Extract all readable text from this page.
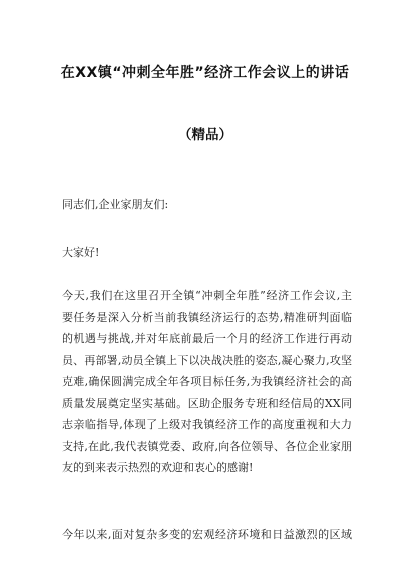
在XX镇“冲刺全年胜”经济工作会议上的讲话
（精品）
同志们,企业家朋友们:
大家好!
今天,我们在这里召开全镇“冲刺全年胜”经济工作会议,主
要任务是深入分析当前我镇经济运行的态势,精准研判面临
的机遇与挑战,并对年底前最后一个月的经济工作进行再动
员、再部署,动员全镇上下以决战决胜的姿态,凝心聚力,攻坚
克难,确保圆满完成全年各项目标任务,为我镇经济社会的高
质量发展奠定坚实基础。区助企服务专班和经信局的XX同
志亲临指导,体现了上级对我镇经济工作的高度重视和大力
支持,在此,我代表镇党委、政府,向各位领导、各位企业家朋
友的到来表示热烈的欢迎和衷心的感谢!
今年以来,面对复杂多变的宏观经济环境和日益激烈的区域
